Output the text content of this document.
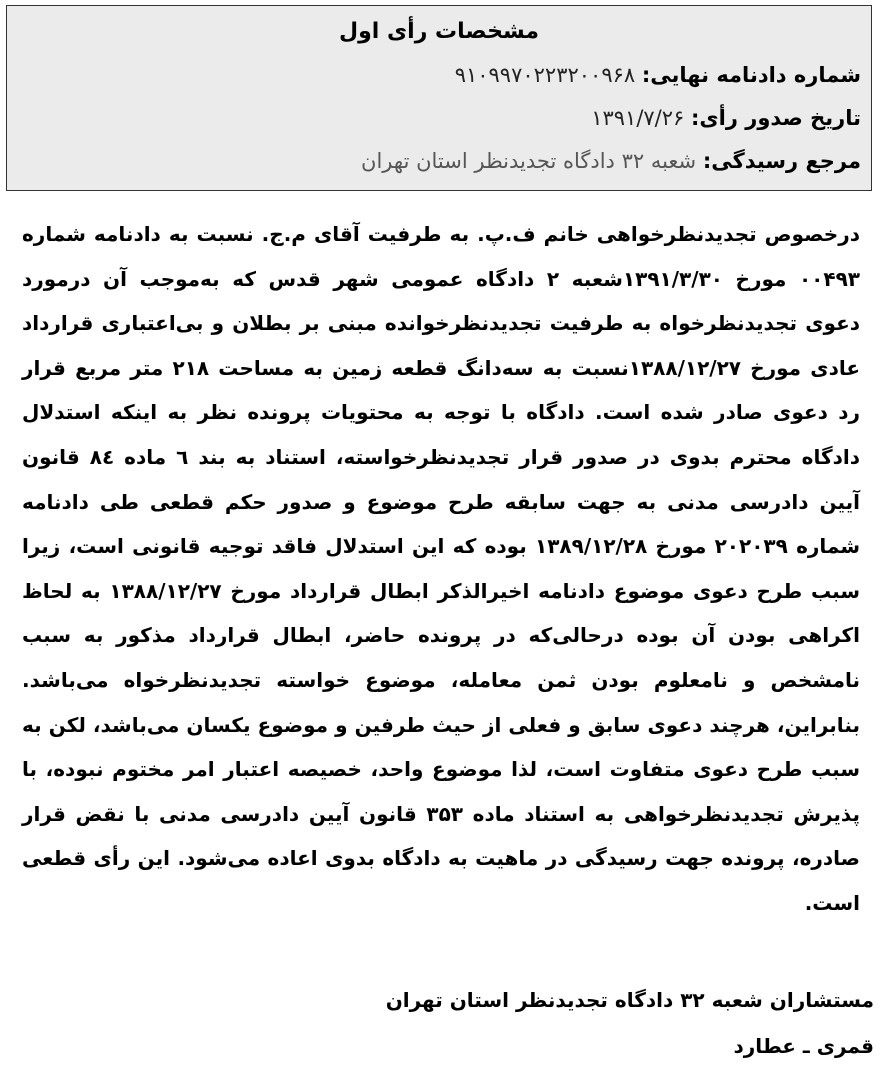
مشخصات رأی اول
شماره دادنامه نهایی: ۹۱۰۹۹۷۰۲۲۳۲۰۰۹۶۸
تاریخ صدور رأی: ۱۳۹۱/۷/۲۶
مرجع رسیدگی: شعبه ۳۲ دادگاه تجدیدنظر استان تهران

درخصوص تجدیدنظرخواهی خانم ف.پ. به طرفیت آقای م.ج. نسبت به دادنامه شماره ۰۰۴۹۳ مورخ ۱۳۹۱/۳/۳۰شعبه ۲ دادگاه عمومی شهر قدس که به‌موجب آن درمورد دعوی تجدیدنظرخواه به طرفیت تجدیدنظرخوانده مبنی بر بطلان و بی‌اعتباری قرارداد عادی مورخ ۱۳۸۸/۱۲/۲۷نسبت به سه‌دانگ قطعه زمین به مساحت ۲۱۸ متر مربع قرار رد دعوی صادر شده است. دادگاه با توجه به محتویات پرونده نظر به اینکه استدلال دادگاه محترم بدوی در صدور قرار تجدیدنظرخواسته، استناد به بند ٦ ماده ٨٤ قانون آیین دادرسی مدنی به جهت سابقه طرح موضوع و صدور حکم قطعی طی دادنامه شماره ۲۰۲۰۳۹ مورخ ۱۳۸۹/۱۲/۲۸ بوده که این استدلال فاقد توجیه قانونی است، زیرا سبب طرح دعوی موضوع دادنامه اخیرالذکر ابطال قرارداد مورخ ۱۳۸۸/۱۲/۲۷ به لحاظ اکراهی بودن آن بوده درحالی‌که در پرونده حاضر، ابطال قرارداد مذکور به سبب نامشخص و نامعلوم بودن ثمن معامله، موضوع خواسته تجدیدنظرخواه می‌باشد. بنابراین، هرچند دعوی سابق و فعلی از حیث طرفین و موضوع یکسان می‌باشد، لکن به سبب طرح دعوی متفاوت است، لذا موضوع واحد، خصیصه اعتبار امر مختوم نبوده، با پذیرش تجدیدنظرخواهی به استناد ماده ۳۵۳ قانون آیین دادرسی مدنی با نقض قرار صادره، پرونده جهت رسیدگی در ماهیت به دادگاه بدوی اعاده می‌شود. این رأی قطعی است.

مستشاران شعبه ۳۲ دادگاه تجدیدنظر استان تهران
قمری ـ عطارد
